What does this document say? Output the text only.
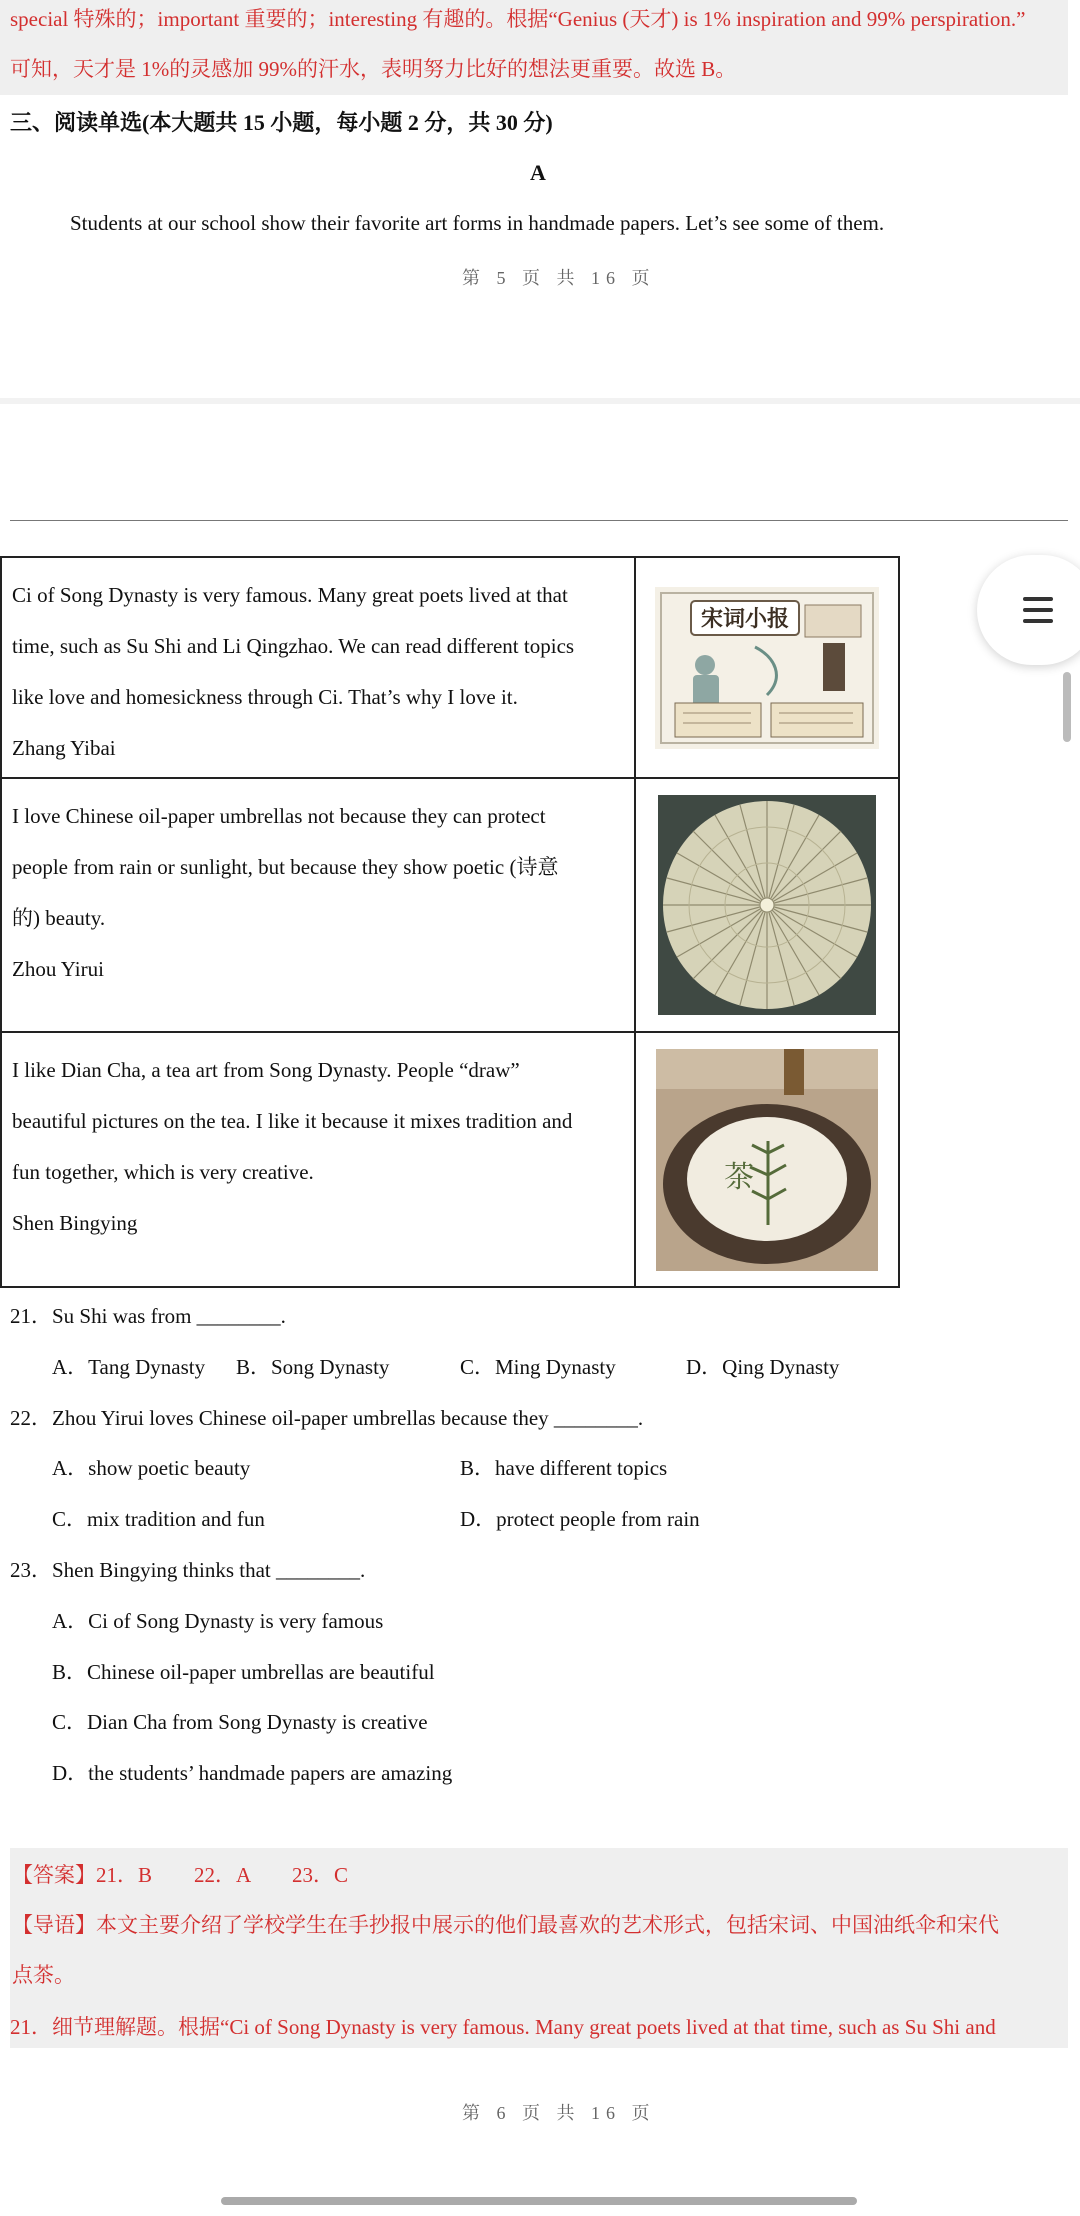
special 特殊的；important 重要的；interesting 有趣的。根据“Genius (天才) is 1% inspiration and 99% perspiration.”
可知，天才是 1%的灵感加 99%的汗水，表明努力比好的想法更重要。故选 B。
三、阅读单选(本大题共 15 小题，每小题 2 分，共 30 分)
A
Students at our school show their favorite art forms in handmade papers. Let’s see some of them.
第 5 页 共 16 页
Ci of Song Dynasty is very famous. Many great poets lived at that
time, such as Su Shi and Li Qingzhao. We can read different topics
like love and homesickness through Ci. That’s why I love it.
Zhang Yibai	宋词小报

I love Chinese oil-paper umbrellas not because they can protect
people from rain or sunlight, but because they show poetic (诗意
的) beauty.
Zhou Yirui

I like Dian Cha, a tea art from Song Dynasty. People “draw”
beautiful pictures on the tea. I like it because it mixes tradition and
fun together, which is very creative.
Shen Bingying	茶
21．Su Shi was from ________.
A．Tang Dynasty B．Song Dynasty	C．Ming Dynasty	D．Qing Dynasty
22．Zhou Yirui loves Chinese oil-paper umbrellas because they ________.
A．show poetic beauty	B．have different topics
C．mix tradition and fun	D．protect people from rain
23．Shen Bingying thinks that ________.
A．Ci of Song Dynasty is very famous
B．Chinese oil-paper umbrellas are beautiful
C．Dian Cha from Song Dynasty is creative
D．the students’ handmade papers are amazing
【答案】21．B　　22．A　　23．C
【导语】本文主要介绍了学校学生在手抄报中展示的他们最喜欢的艺术形式，包括宋词、中国油纸伞和宋代
点茶。
21．细节理解题。根据“Ci of Song Dynasty is very famous. Many great poets lived at that time, such as Su Shi and
第 6 页 共 16 页
